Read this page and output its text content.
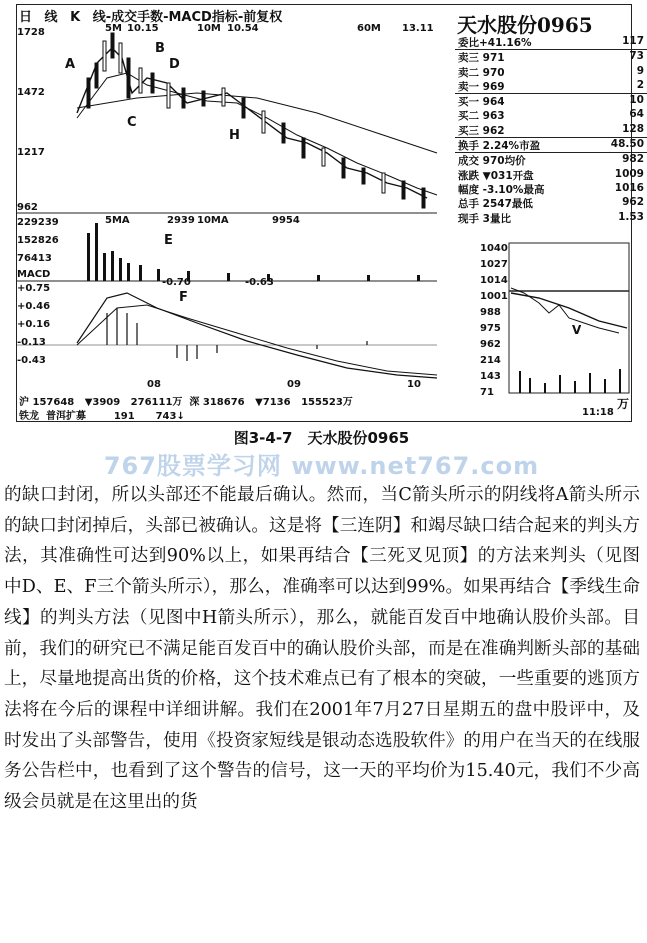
日 线 K 线-成交手数-MACD指标-前复权	天水股份0965
1728
1472
1217
962
229239
152826
76413
MACD
+0.75
+0.46
+0.16
-0.13
-0.43
5M 10.15	10M 10.54	60M 13.11
5MA	2939 10MA	9954
-0.70	-0.63
08	09	10
A
B
C
D
E
F
H
委比+41.16%	117
卖三 971	73
卖二 970	9
卖一 969	2
买一 964	10
买二 963	64
买三 962	128
换手 2.24%市盈	48.50
成交 970均价	982
涨跌 ▼031开盘	1009
幅度 -3.10%最高	1016
总手 2547最低	962
现手 3量比	1.53
1040
1027
1014
1001
988
975
962
214
143
71
V
万
沪 157648 ▼3909 276111万 深 318676 ▼7136 155523万
铁龙 普洱扩募	191 743↓	11:18
图3-4-7　天水股份0965
767股票学习网 www.net767.com

的缺口封闭，所以头部还不能最后确认。然而，当C箭头所示的阴线将A箭头所示的缺口封闭掉后，头部已被确认。这是将【三连阴】和竭尽缺口结合起来的判头方法，其准确性可达到90%以上，如果再结合【三死叉见顶】的方法来判头（见图中D、E、F三个箭头所示），那么，准确率可以达到99%。如果再结合【季线生命线】的判头方法（见图中H箭头所示），那么，就能百发百中地确认股价头部。目前，我们的研究已不满足能百发百中的确认股价头部，而是在准确判断头部的基础上，尽量地提高出货的价格，这个技术难点已有了根本的突破，一些重要的逃顶方法将在今后的课程中详细讲解。我们在2001年7月27日星期五的盘中股评中，及时发出了头部警告，使用《投资家短线是银动态选股软件》的用户在当天的在线服务公告栏中，也看到了这个警告的信号，这一天的平均价为15.40元，我们不少高级会员就是在这里出的货
